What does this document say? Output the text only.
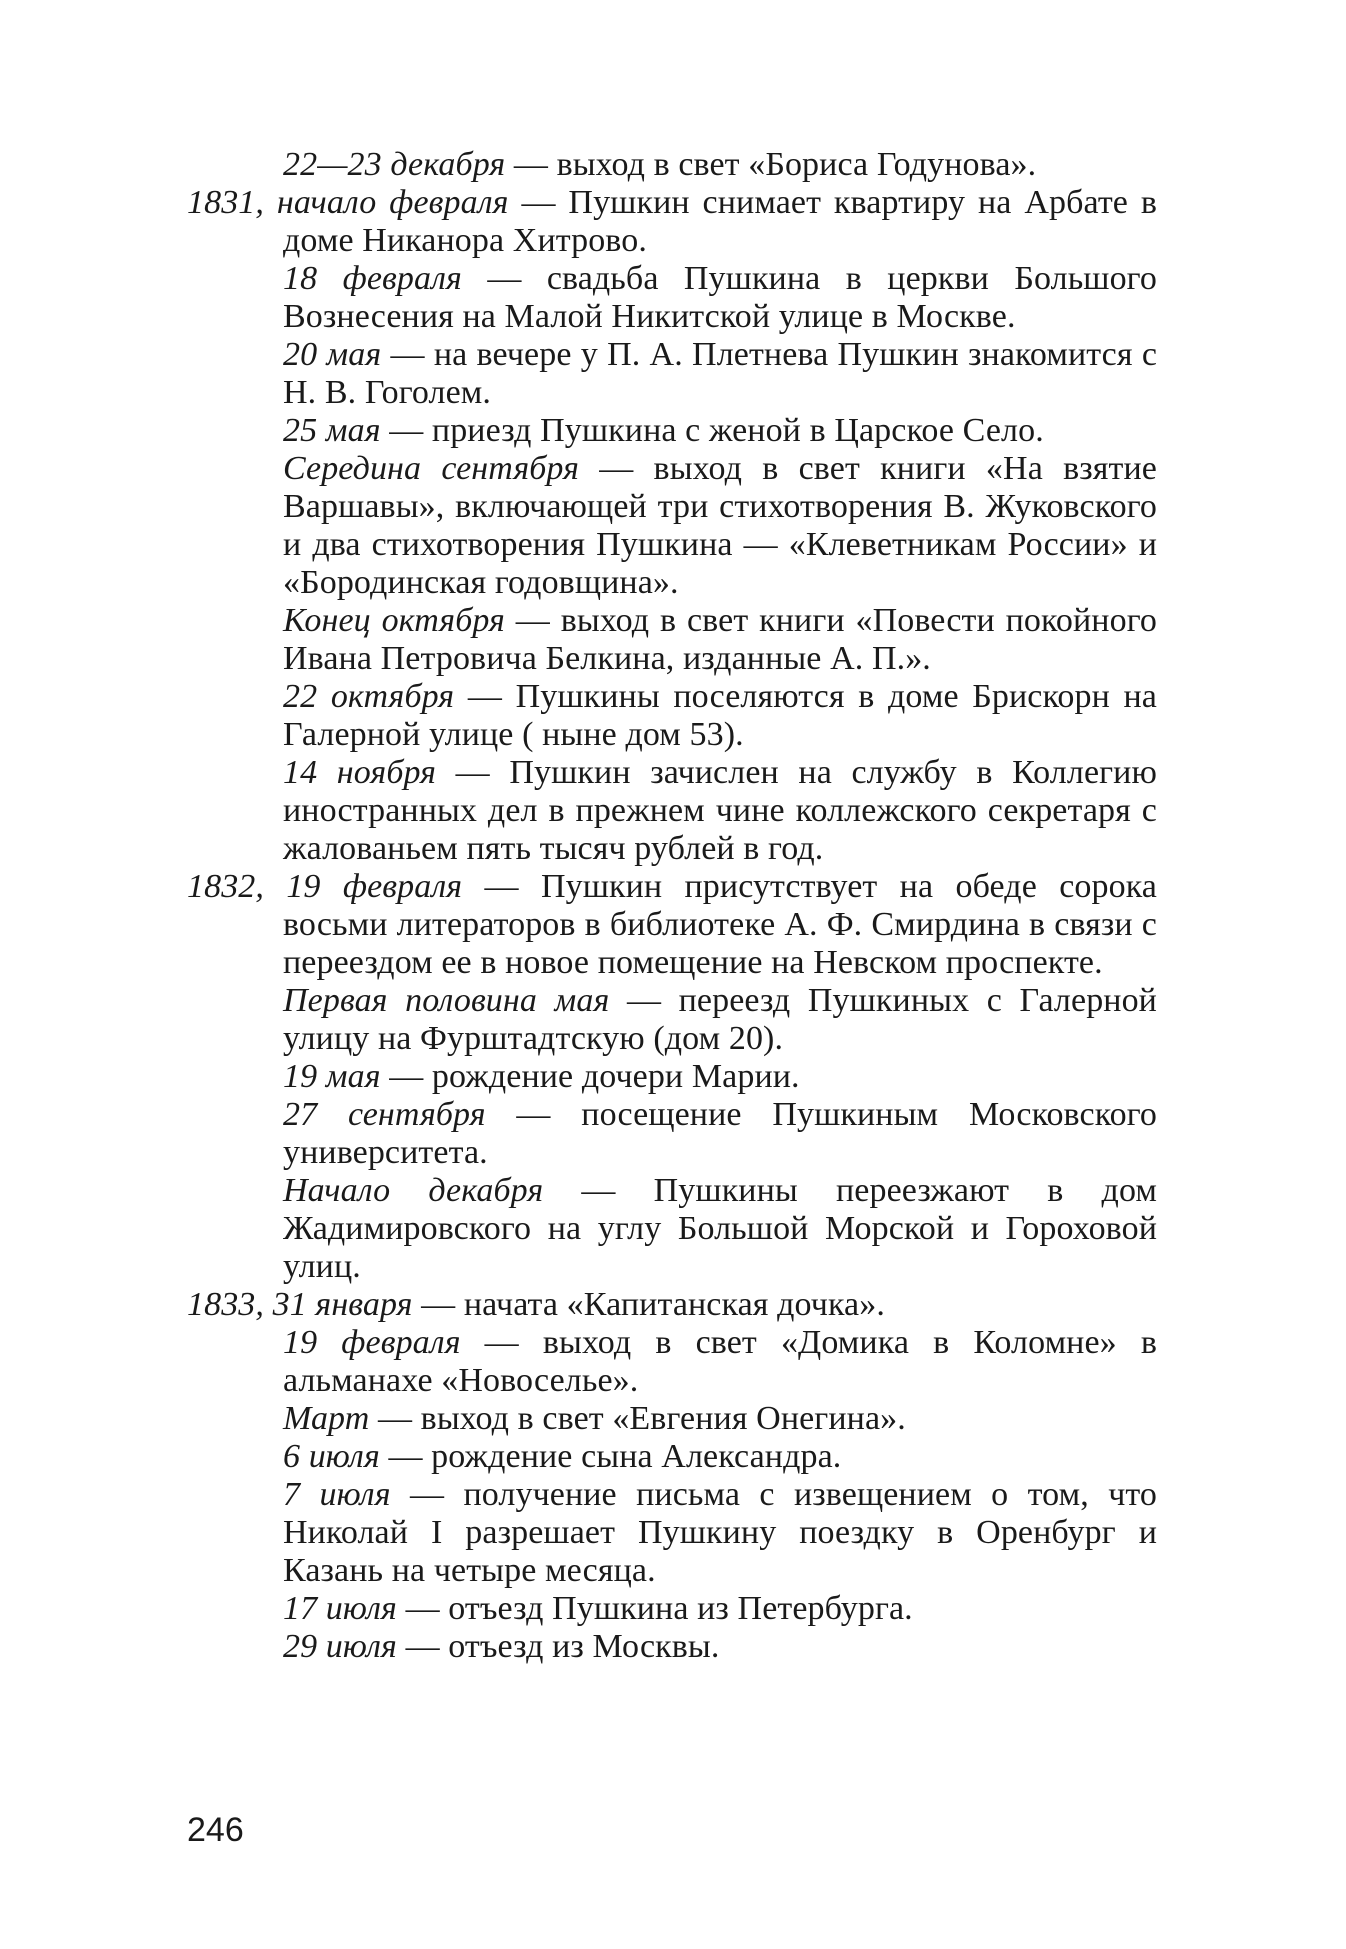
22—23 декабря — выход в свет «Бориса Годунова».

1831, начало февраля — Пушкин снимает квартиру на Арбате в доме Никанора Хитрово.

18 февраля — свадьба Пушкина в церкви Большого Вознесения на Малой Никитской улице в Москве.

20 мая — на вечере у П. А. Плетнева Пушкин знакомится с Н. В. Гоголем.

25 мая — приезд Пушкина с женой в Царское Село.

Середина сентября — выход в свет книги «На взятие Варшавы», включающей три стихотворения В. Жуковского и два стихотворения Пушкина — «Клеветникам России» и «Бородинская годовщина».

Конец октября — выход в свет книги «Повести покойного Ивана Петровича Белкина, изданные А. П.».

22 октября — Пушкины поселяются в доме Брискорн на Галерной улице ( ныне дом 53).

14 ноября — Пушкин зачислен на службу в Коллегию иностранных дел в прежнем чине коллежского секретаря с жалованьем пять тысяч рублей в год.

1832, 19 февраля — Пушкин присутствует на обеде сорока восьми литераторов в библиотеке А. Ф. Смирдина в связи с переездом ее в новое помещение на Невском проспекте.

Первая половина мая — переезд Пушкиных с Галерной улицу на Фурштадтскую (дом 20).

19 мая — рождение дочери Марии.

27 сентября — посещение Пушкиным Московского университета.

Начало декабря — Пушкины переезжают в дом Жадимировского на углу Большой Морской и Гороховой улиц.

1833, 31 января — начата «Капитанская дочка».

19 февраля — выход в свет «Домика в Коломне» в альманахе «Новоселье».

Март — выход в свет «Евгения Онегина».

6 июля — рождение сына Александра.

7 июля — получение письма с извещением о том, что Николай I разрешает Пушкину поездку в Оренбург и Казань на четыре месяца.

17 июля — отъезд Пушкина из Петербурга.

29 июля — отъезд из Москвы.

246
